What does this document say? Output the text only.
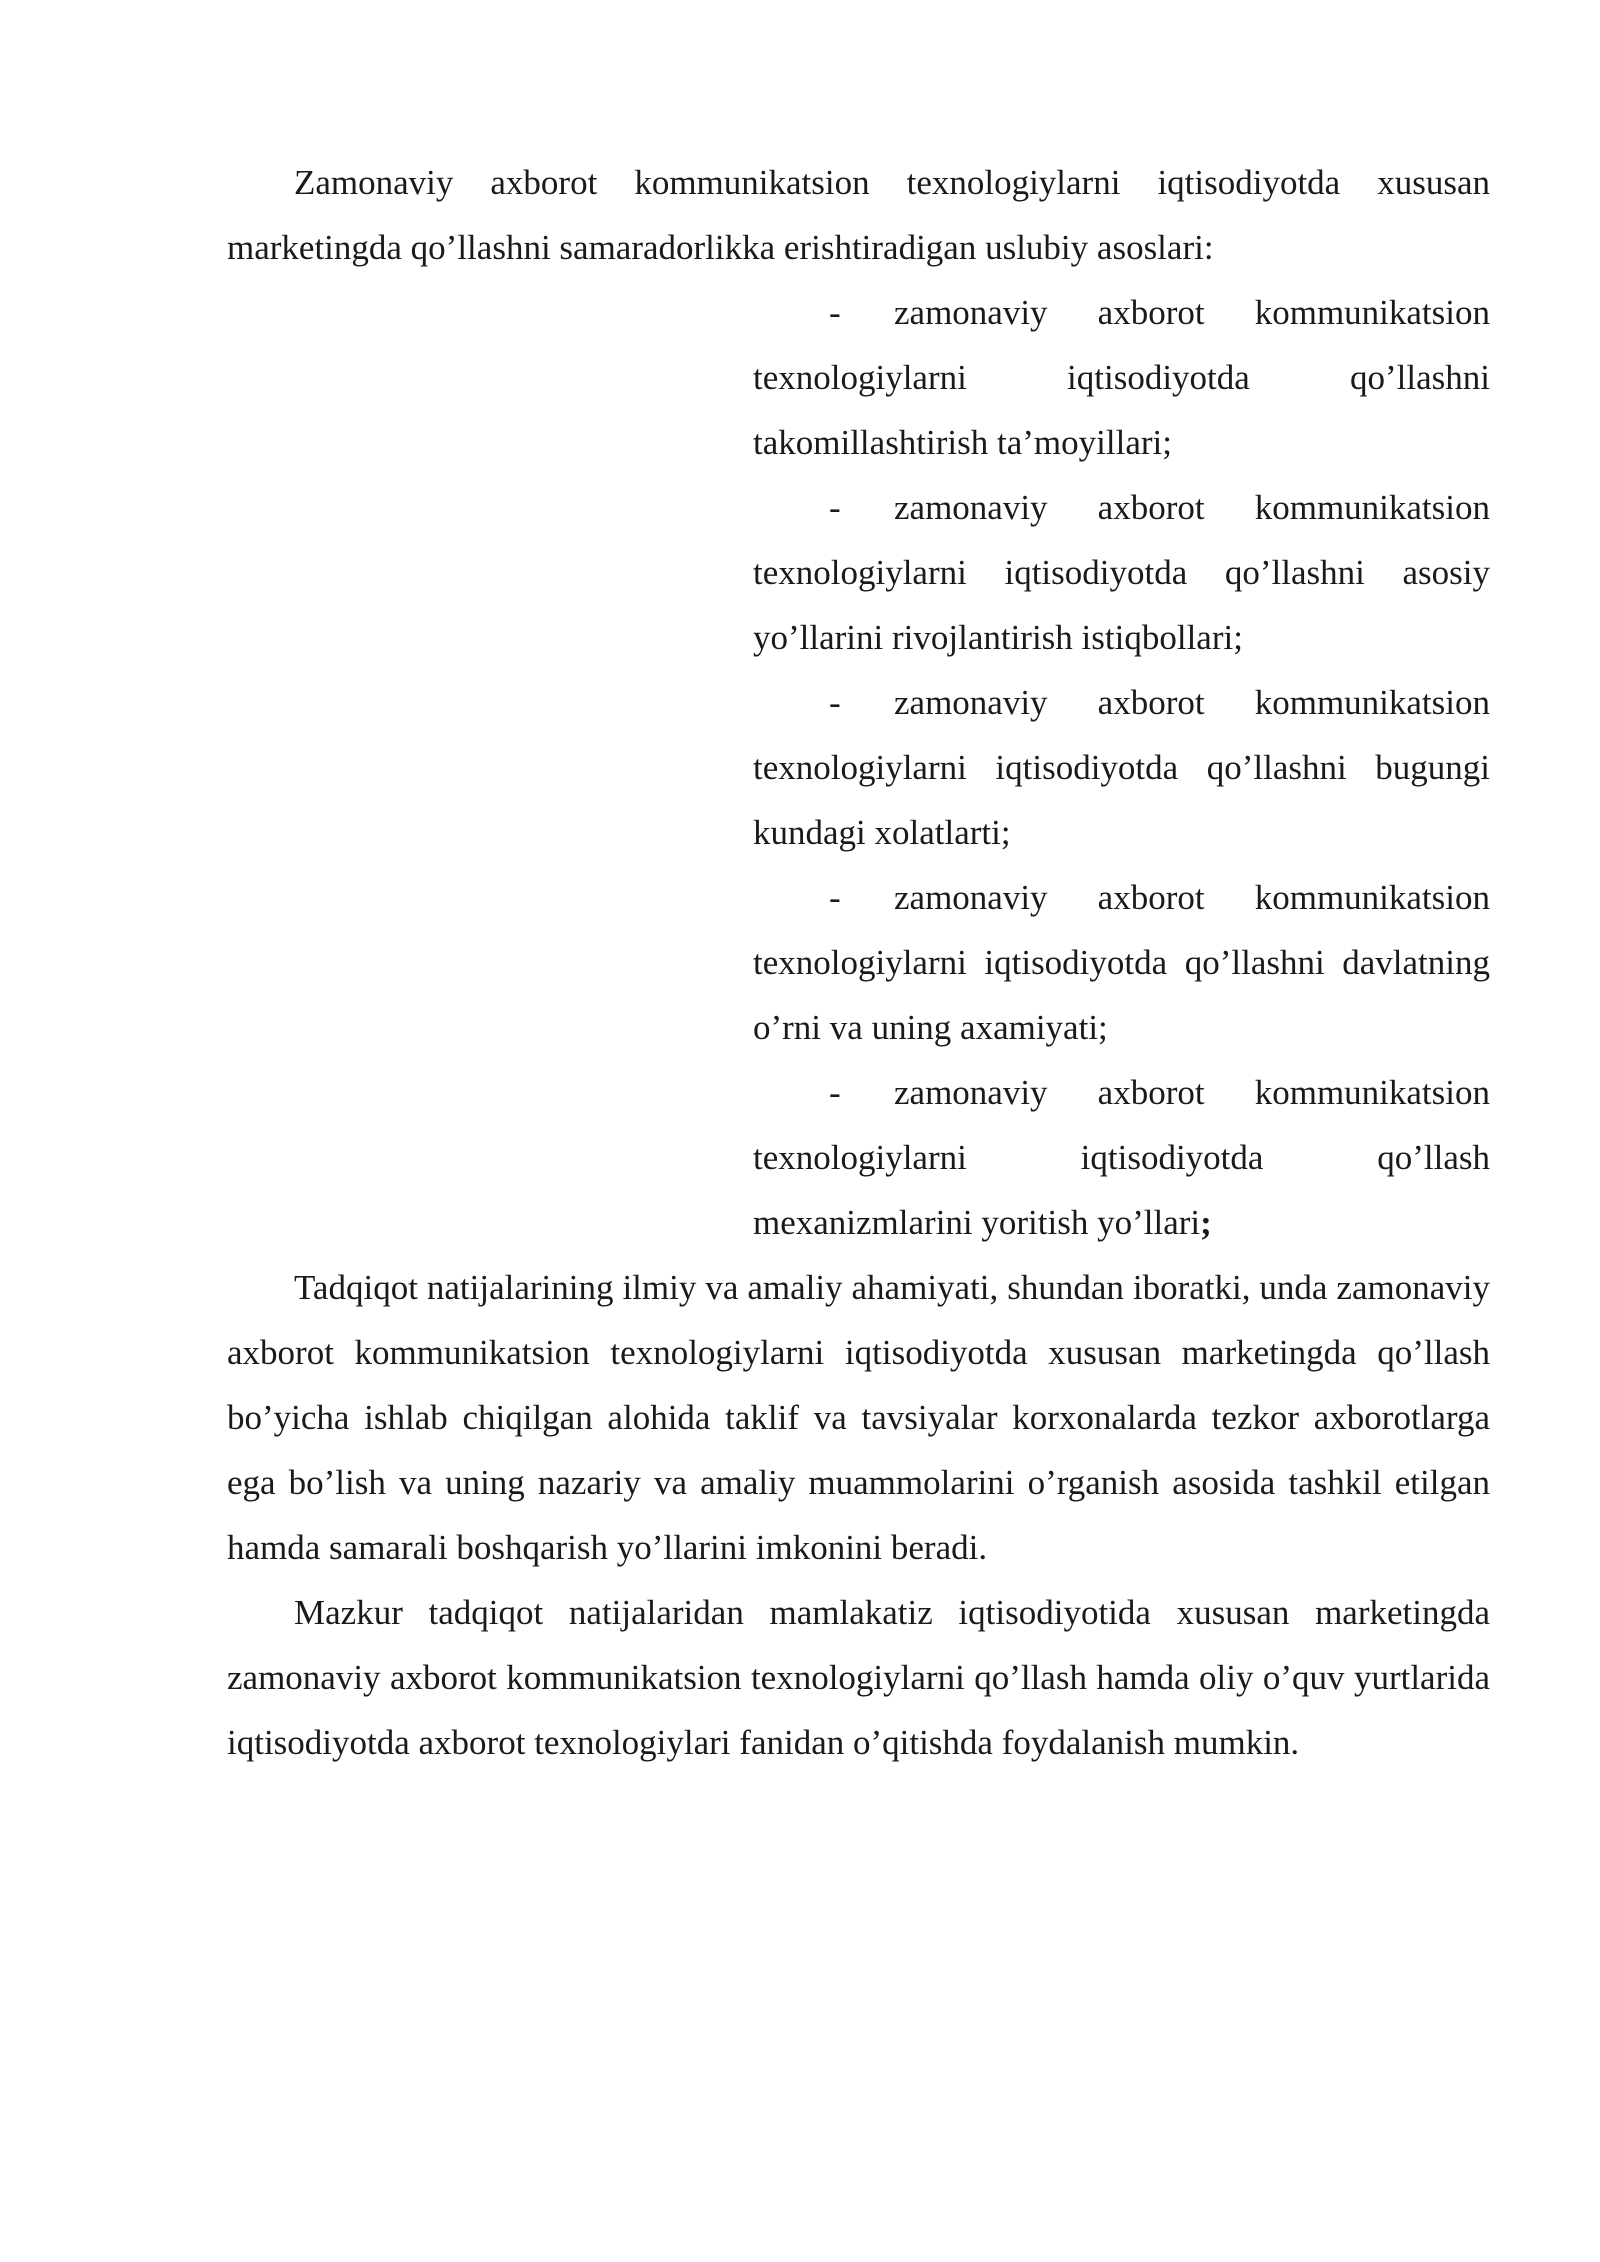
Zamonaviy axborot kommunikatsion texnologiylarni iqtisodiyotda xususan marketingda qo’llashni samaradorlikka erishtiradigan uslubiy asoslari:

- zamonaviy axborot kommunikatsion texnologiylarni iqtisodiyotda qo’llashni takomillashtirish ta’moyillari;
- zamonaviy axborot kommunikatsion texnologiylarni iqtisodiyotda qo’llashni asosiy yo’llarini rivojlantirish istiqbollari;
- zamonaviy axborot kommunikatsion texnologiylarni iqtisodiyotda qo’llashni bugungi kundagi xolatlarti;
- zamonaviy axborot kommunikatsion texnologiylarni iqtisodiyotda qo’llashni davlatning o’rni va uning axamiyati;
- zamonaviy axborot kommunikatsion texnologiylarni iqtisodiyotda qo’llash mexanizmlarini yoritish yo’llari;

Tadqiqot natijalarining ilmiy va amaliy ahamiyati, shundan iboratki, unda zamonaviy axborot kommunikatsion texnologiylarni iqtisodiyotda xususan marketingda qo’llash bo’yicha ishlab chiqilgan alohida taklif va tavsiyalar korxonalarda tezkor axborotlarga ega bo’lish va uning nazariy va amaliy muammolarini o’rganish asosida tashkil etilgan hamda samarali boshqarish yo’llarini imkonini beradi.

Mazkur tadqiqot natijalaridan mamlakatiz iqtisodiyotida xususan marketingda zamonaviy axborot kommunikatsion texnologiylarni qo’llash hamda oliy o’quv yurtlarida iqtisodiyotda axborot texnologiylari fanidan o’qitishda foydalanish mumkin.
